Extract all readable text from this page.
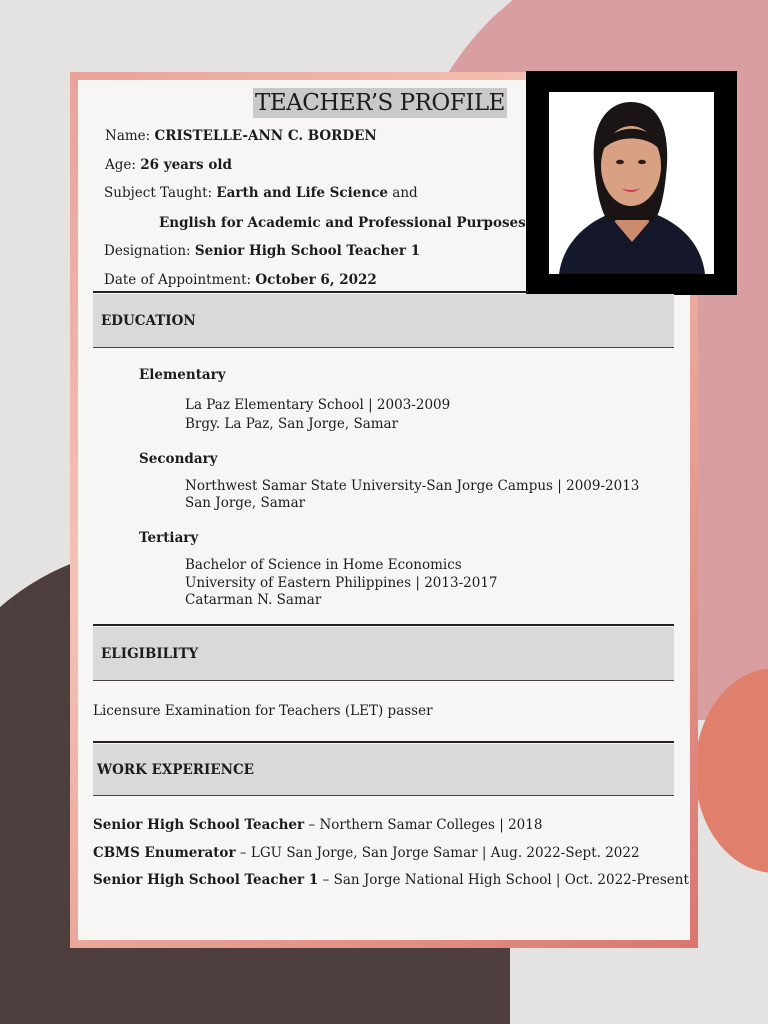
TEACHER’S PROFILE
Name: CRISTELLE-ANN C. BORDEN
Age: 26 years old
Subject Taught: Earth and Life Science and
English for Academic and Professional Purposes
Designation: Senior High School Teacher 1
Date of Appointment: October 6, 2022
EDUCATION
Elementary
La Paz Elementary School | 2003-2009
Brgy. La Paz, San Jorge, Samar
Secondary
Northwest Samar State University-San Jorge Campus | 2009-2013
San Jorge, Samar
Tertiary
Bachelor of Science in Home Economics
University of Eastern Philippines | 2013-2017
Catarman N. Samar
ELIGIBILITY
Licensure Examination for Teachers (LET) passer
WORK EXPERIENCE
Senior High School Teacher – Northern Samar Colleges | 2018
CBMS Enumerator – LGU San Jorge, San Jorge Samar | Aug. 2022-Sept. 2022
Senior High School Teacher 1 – San Jorge National High School | Oct. 2022-Present
